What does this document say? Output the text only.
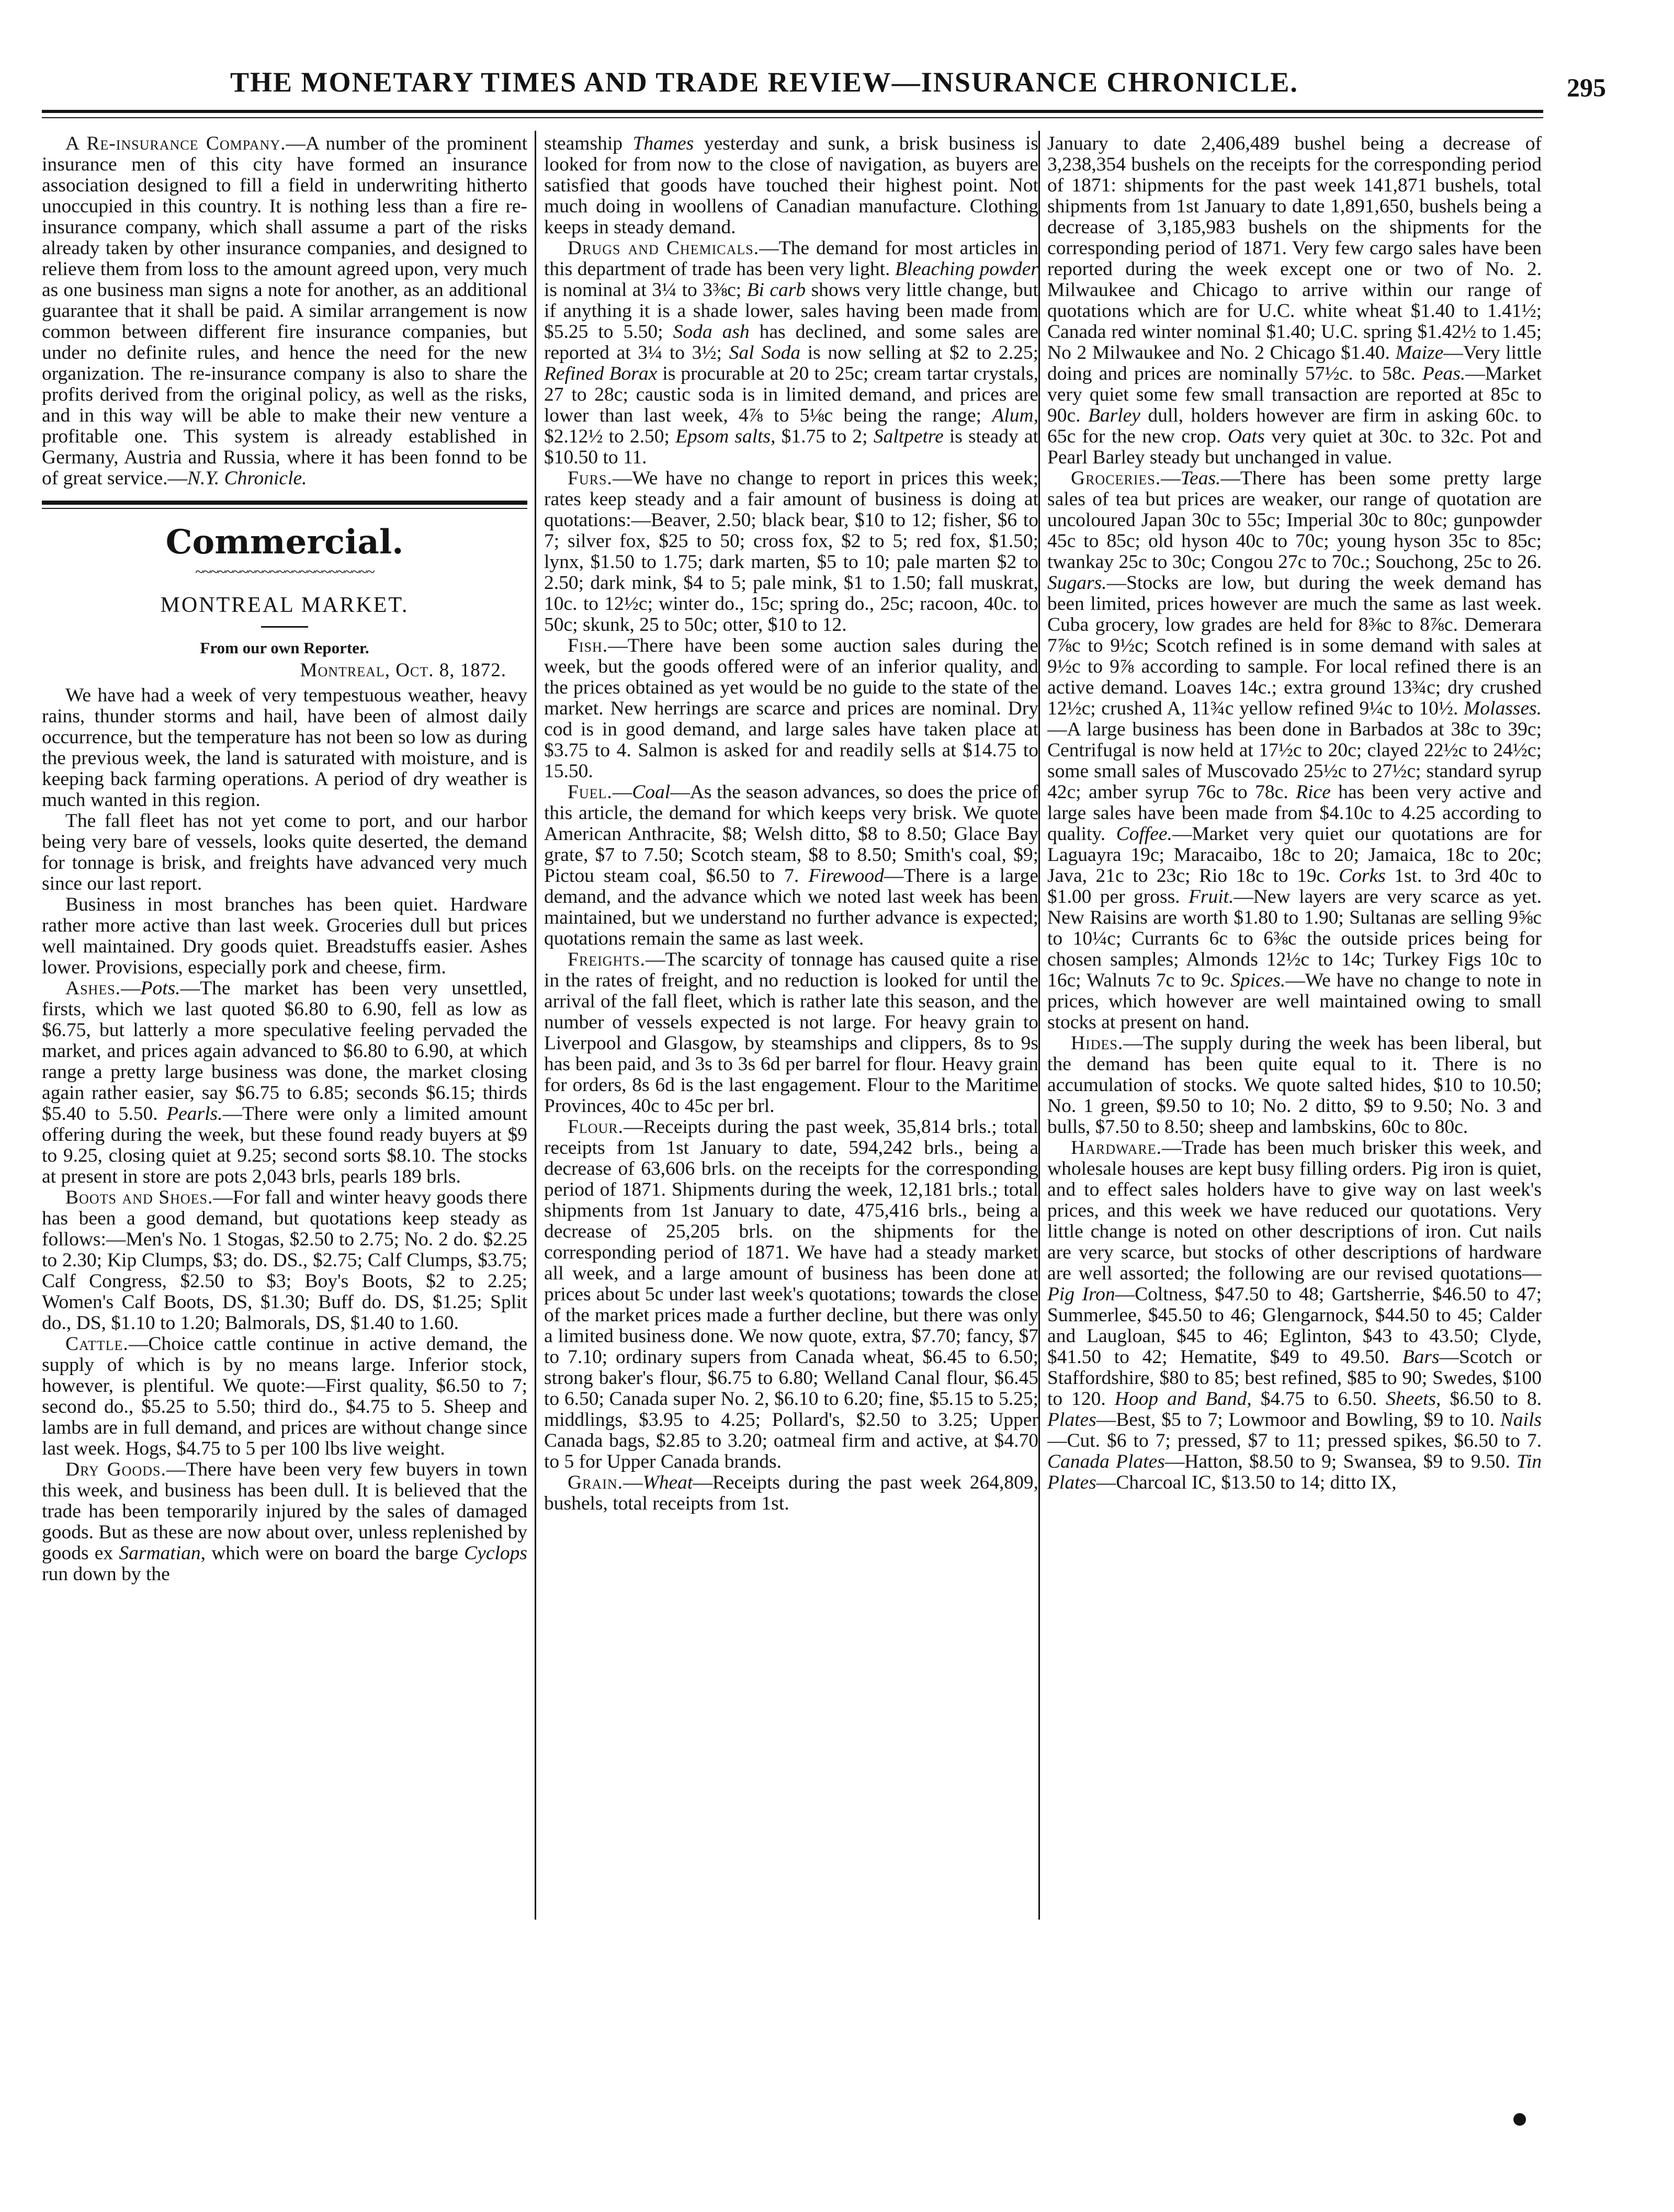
THE MONETARY TIMES AND TRADE REVIEW—INSURANCE CHRONICLE.	295

A Re-insurance Company.—A number of the prominent insurance men of this city have formed an insurance association designed to fill a field in underwriting hitherto unoccupied in this country. It is nothing less than a fire re-insurance company, which shall assume a part of the risks already taken by other insurance companies, and designed to relieve them from loss to the amount agreed upon, very much as one business man signs a note for another, as an additional guarantee that it shall be paid. A similar arrangement is now common between different fire insurance companies, but under no definite rules, and hence the need for the new organization. The re-insurance company is also to share the profits derived from the original policy, as well as the risks, and in this way will be able to make their new venture a profitable one. This system is already established in Germany, Austria and Russia, where it has been fonnd to be of great service.—N.Y. Chronicle.

Commercial.
~~~~~~~~~~~~~~~~~~~~~~~~
MONTREAL MARKET.
From our own Reporter.
Montreal, Oct. 8, 1872.

We have had a week of very tempestuous weather, heavy rains, thunder storms and hail, have been of almost daily occurrence, but the temperature has not been so low as during the previous week, the land is saturated with moisture, and is keeping back farming operations. A period of dry weather is much wanted in this region.

The fall fleet has not yet come to port, and our harbor being very bare of vessels, looks quite deserted, the demand for tonnage is brisk, and freights have advanced very much since our last report.

Business in most branches has been quiet. Hardware rather more active than last week. Groceries dull but prices well maintained. Dry goods quiet. Breadstuffs easier. Ashes lower. Provisions, especially pork and cheese, firm.

Ashes.—Pots.—The market has been very unsettled, firsts, which we last quoted $6.80 to 6.90, fell as low as $6.75, but latterly a more speculative feeling pervaded the market, and prices again advanced to $6.80 to 6.90, at which range a pretty large business was done, the market closing again rather easier, say $6.75 to 6.85; seconds $6.15; thirds $5.40 to 5.50. Pearls.—There were only a limited amount offering during the week, but these found ready buyers at $9 to 9.25, closing quiet at 9.25; second sorts $8.10. The stocks at present in store are pots 2,043 brls, pearls 189 brls.

Boots and Shoes.—For fall and winter heavy goods there has been a good demand, but quotations keep steady as follows:—Men's No. 1 Stogas, $2.50 to 2.75; No. 2 do. $2.25 to 2.30; Kip Clumps, $3; do. DS., $2.75; Calf Clumps, $3.75; Calf Congress, $2.50 to $3; Boy's Boots, $2 to 2.25; Women's Calf Boots, DS, $1.30; Buff do. DS, $1.25; Split do., DS, $1.10 to 1.20; Balmorals, DS, $1.40 to 1.60.

Cattle.—Choice cattle continue in active demand, the supply of which is by no means large. Inferior stock, however, is plentiful. We quote:—First quality, $6.50 to 7; second do., $5.25 to 5.50; third do., $4.75 to 5. Sheep and lambs are in full demand, and prices are without change since last week. Hogs, $4.75 to 5 per 100 lbs live weight.

Dry Goods.—There have been very few buyers in town this week, and business has been dull. It is believed that the trade has been temporarily injured by the sales of damaged goods. But as these are now about over, unless replenished by goods ex Sarmatian, which were on board the barge Cyclops run down by the

steamship Thames yesterday and sunk, a brisk business is looked for from now to the close of navigation, as buyers are satisfied that goods have touched their highest point. Not much doing in woollens of Canadian manufacture. Clothing keeps in steady demand.

Drugs and Chemicals.—The demand for most articles in this department of trade has been very light. Bleaching powder is nominal at 3¼ to 3⅜c; Bi carb shows very little change, but if anything it is a shade lower, sales having been made from $5.25 to 5.50; Soda ash has declined, and some sales are reported at 3¼ to 3½; Sal Soda is now selling at $2 to 2.25; Refined Borax is procurable at 20 to 25c; cream tartar crystals, 27 to 28c; caustic soda is in limited demand, and prices are lower than last week, 4⅞ to 5⅛c being the range; Alum, $2.12½ to 2.50; Epsom salts, $1.75 to 2; Saltpetre is steady at $10.50 to 11.

Furs.—We have no change to report in prices this week; rates keep steady and a fair amount of business is doing at quotations:—Beaver, 2.50; black bear, $10 to 12; fisher, $6 to 7; silver fox, $25 to 50; cross fox, $2 to 5; red fox, $1.50; lynx, $1.50 to 1.75; dark marten, $5 to 10; pale marten $2 to 2.50; dark mink, $4 to 5; pale mink, $1 to 1.50; fall muskrat, 10c. to 12½c; winter do., 15c; spring do., 25c; racoon, 40c. to 50c; skunk, 25 to 50c; otter, $10 to 12.

Fish.—There have been some auction sales during the week, but the goods offered were of an inferior quality, and the prices obtained as yet would be no guide to the state of the market. New herrings are scarce and prices are nominal. Dry cod is in good demand, and large sales have taken place at $3.75 to 4. Salmon is asked for and readily sells at $14.75 to 15.50.

Fuel.—Coal—As the season advances, so does the price of this article, the demand for which keeps very brisk. We quote American Anthracite, $8; Welsh ditto, $8 to 8.50; Glace Bay grate, $7 to 7.50; Scotch steam, $8 to 8.50; Smith's coal, $9; Pictou steam coal, $6.50 to 7. Firewood—There is a large demand, and the advance which we noted last week has been maintained, but we understand no further advance is expected; quotations remain the same as last week.

Freights.—The scarcity of tonnage has caused quite a rise in the rates of freight, and no reduction is looked for until the arrival of the fall fleet, which is rather late this season, and the number of vessels expected is not large. For heavy grain to Liverpool and Glasgow, by steamships and clippers, 8s to 9s has been paid, and 3s to 3s 6d per barrel for flour. Heavy grain for orders, 8s 6d is the last engagement. Flour to the Maritime Provinces, 40c to 45c per brl.

Flour.—Receipts during the past week, 35,814 brls.; total receipts from 1st January to date, 594,242 brls., being a decrease of 63,606 brls. on the receipts for the corresponding period of 1871. Shipments during the week, 12,181 brls.; total shipments from 1st January to date, 475,416 brls., being a decrease of 25,205 brls. on the shipments for the corresponding period of 1871. We have had a steady market all week, and a large amount of business has been done at prices about 5c under last week's quotations; towards the close of the market prices made a further decline, but there was only a limited business done. We now quote, extra, $7.70; fancy, $7 to 7.10; ordinary supers from Canada wheat, $6.45 to 6.50; strong baker's flour, $6.75 to 6.80; Welland Canal flour, $6.45 to 6.50; Canada super No. 2, $6.10 to 6.20; fine, $5.15 to 5.25; middlings, $3.95 to 4.25; Pollard's, $2.50 to 3.25; Upper Canada bags, $2.85 to 3.20; oatmeal firm and active, at $4.70 to 5 for Upper Canada brands.

Grain.—Wheat—Receipts during the past week 264,809, bushels, total receipts from 1st.

January to date 2,406,489 bushel being a decrease of 3,238,354 bushels on the receipts for the corresponding period of 1871: shipments for the past week 141,871 bushels, total shipments from 1st January to date 1,891,650, bushels being a decrease of 3,185,983 bushels on the shipments for the corresponding period of 1871. Very few cargo sales have been reported during the week except one or two of No. 2. Milwaukee and Chicago to arrive within our range of quotations which are for U.C. white wheat $1.40 to 1.41½; Canada red winter nominal $1.40; U.C. spring $1.42½ to 1.45; No 2 Milwaukee and No. 2 Chicago $1.40. Maize—Very little doing and prices are nominally 57½c. to 58c. Peas.—Market very quiet some few small transaction are reported at 85c to 90c. Barley dull, holders however are firm in asking 60c. to 65c for the new crop. Oats very quiet at 30c. to 32c. Pot and Pearl Barley steady but unchanged in value.

Groceries.—Teas.—There has been some pretty large sales of tea but prices are weaker, our range of quotation are uncoloured Japan 30c to 55c; Imperial 30c to 80c; gunpowder 45c to 85c; old hyson 40c to 70c; young hyson 35c to 85c; twankay 25c to 30c; Congou 27c to 70c.; Souchong, 25c to 26. Sugars.—Stocks are low, but during the week demand has been limited, prices however are much the same as last week. Cuba grocery, low grades are held for 8⅜c to 8⅞c. Demerara 7⅞c to 9½c; Scotch refined is in some demand with sales at 9½c to 9⅞ according to sample. For local refined there is an active demand. Loaves 14c.; extra ground 13¾c; dry crushed 12½c; crushed A, 11¾c yellow refined 9¼c to 10½. Molasses.—A large business has been done in Barbados at 38c to 39c; Centrifugal is now held at 17½c to 20c; clayed 22½c to 24½c; some small sales of Muscovado 25½c to 27½c; standard syrup 42c; amber syrup 76c to 78c. Rice has been very active and large sales have been made from $4.10c to 4.25 according to quality. Coffee.—Market very quiet our quotations are for Laguayra 19c; Maracaibo, 18c to 20; Jamaica, 18c to 20c; Java, 21c to 23c; Rio 18c to 19c. Corks 1st. to 3rd 40c to $1.00 per gross. Fruit.—New layers are very scarce as yet. New Raisins are worth $1.80 to 1.90; Sultanas are selling 9⅝c to 10¼c; Currants 6c to 6⅜c the outside prices being for chosen samples; Almonds 12½c to 14c; Turkey Figs 10c to 16c; Walnuts 7c to 9c. Spices.—We have no change to note in prices, which however are well maintained owing to small stocks at present on hand.

Hides.—The supply during the week has been liberal, but the demand has been quite equal to it. There is no accumulation of stocks. We quote salted hides, $10 to 10.50; No. 1 green, $9.50 to 10; No. 2 ditto, $9 to 9.50; No. 3 and bulls, $7.50 to 8.50; sheep and lambskins, 60c to 80c.

Hardware.—Trade has been much brisker this week, and wholesale houses are kept busy filling orders. Pig iron is quiet, and to effect sales holders have to give way on last week's prices, and this week we have reduced our quotations. Very little change is noted on other descriptions of iron. Cut nails are very scarce, but stocks of other descriptions of hardware are well assorted; the following are our revised quotations—Pig Iron—Coltness, $47.50 to 48; Gartsherrie, $46.50 to 47; Summerlee, $45.50 to 46; Glengarnock, $44.50 to 45; Calder and Laugloan, $45 to 46; Eglinton, $43 to 43.50; Clyde, $41.50 to 42; Hematite, $49 to 49.50. Bars—Scotch or Staffordshire, $80 to 85; best refined, $85 to 90; Swedes, $100 to 120. Hoop and Band, $4.75 to 6.50. Sheets, $6.50 to 8. Plates—Best, $5 to 7; Lowmoor and Bowling, $9 to 10. Nails—Cut. $6 to 7; pressed, $7 to 11; pressed spikes, $6.50 to 7. Canada Plates—Hatton, $8.50 to 9; Swansea, $9 to 9.50. Tin Plates—Charcoal IC, $13.50 to 14; ditto IX,
